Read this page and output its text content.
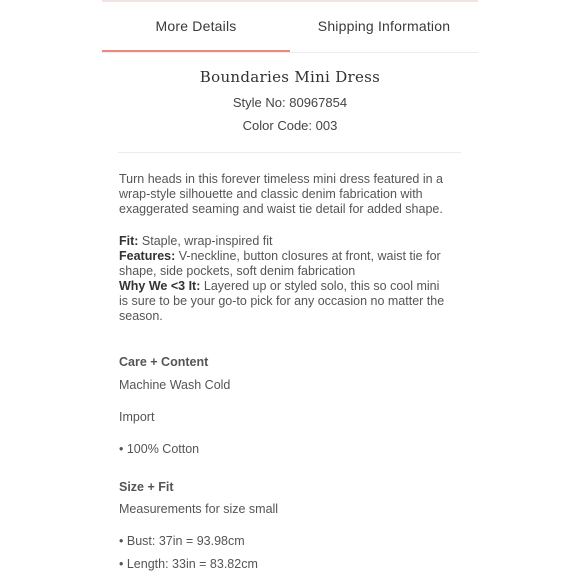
More Details	Shipping Information
Boundaries Mini Dress
Style No: 80967854
Color Code: 003
Turn heads in this forever timeless mini dress featured in a wrap-style silhouette and classic denim fabrication with exaggerated seaming and waist tie detail for added shape.
Fit: Staple, wrap-inspired fit
Features: V-neckline, button closures at front, waist tie for shape, side pockets, soft denim fabrication
Why We <3 It: Layered up or styled solo, this so cool mini is sure to be your go-to pick for any occasion no matter the season.
Care + Content
Machine Wash Cold
Import
• 100% Cotton
Size + Fit
Measurements for size small
• Bust: 37in = 93.98cm
• Length: 33in = 83.82cm
